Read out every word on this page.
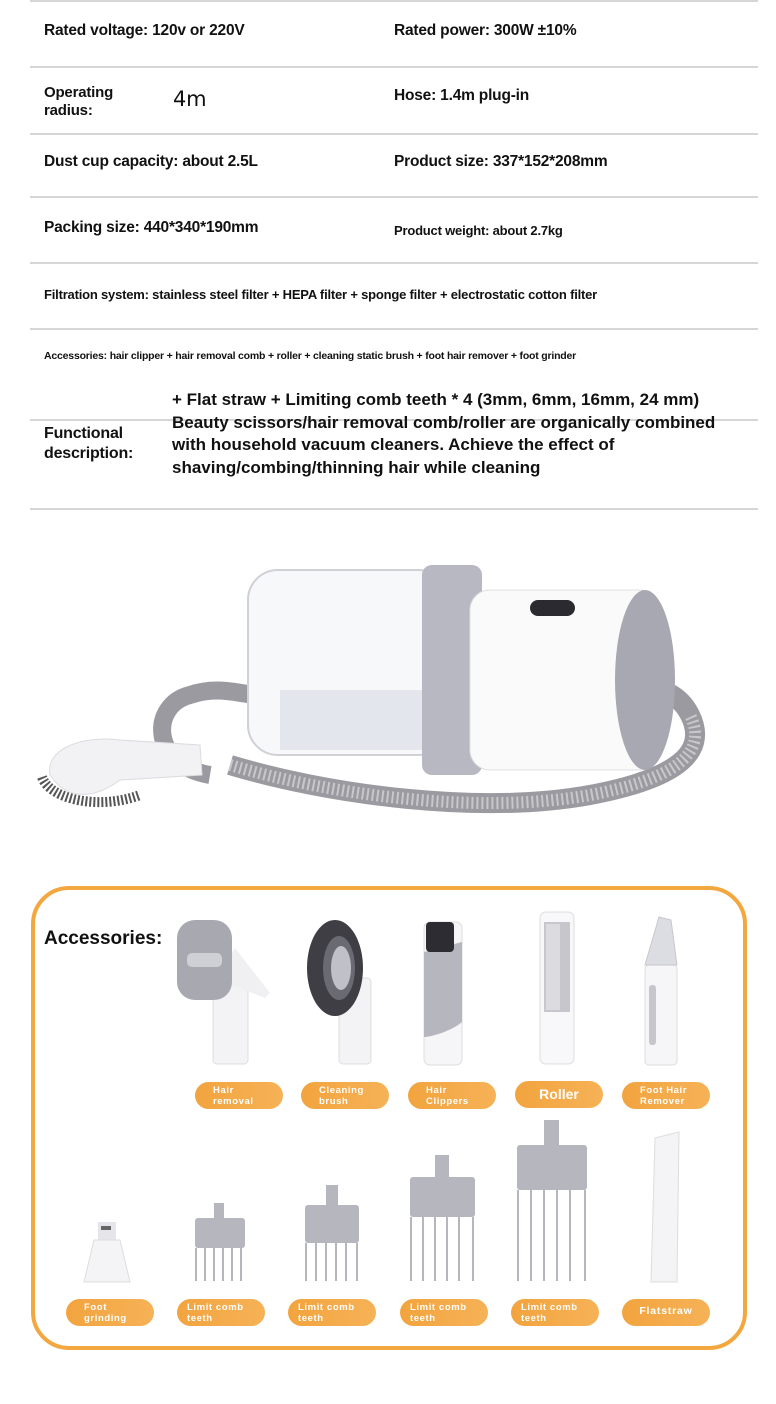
Rated voltage: 120v or 220V	Rated power: 300W ±10%
Operating
radius:	4m	Hose: 1.4m plug-in
Dust cup capacity: about 2.5L	Product size: 337*152*208mm
Packing size: 440*340*190mm	Product weight: about 2.7kg
Filtration system: stainless steel filter + HEPA filter + sponge filter + electrostatic cotton filter
Accessories: hair clipper + hair removal comb + roller + cleaning static brush + foot hair remover + foot grinder
Functional
description:
+ Flat straw + Limiting comb teeth * 4 (3mm, 6mm, 16mm, 24 mm) Beauty scissors/hair removal comb/roller are organically combined with household vacuum cleaners. Achieve the effect of shaving/combing/thinning hair while cleaning
Accessories:
Hair
removal
Cleaning
brush
Hair
Clippers	Roller	Foot Hair
Remover
Foot
grinding
Limit comb
teeth
Limit comb
teeth
Limit comb
teeth
Limit comb
teeth
Flatstraw
